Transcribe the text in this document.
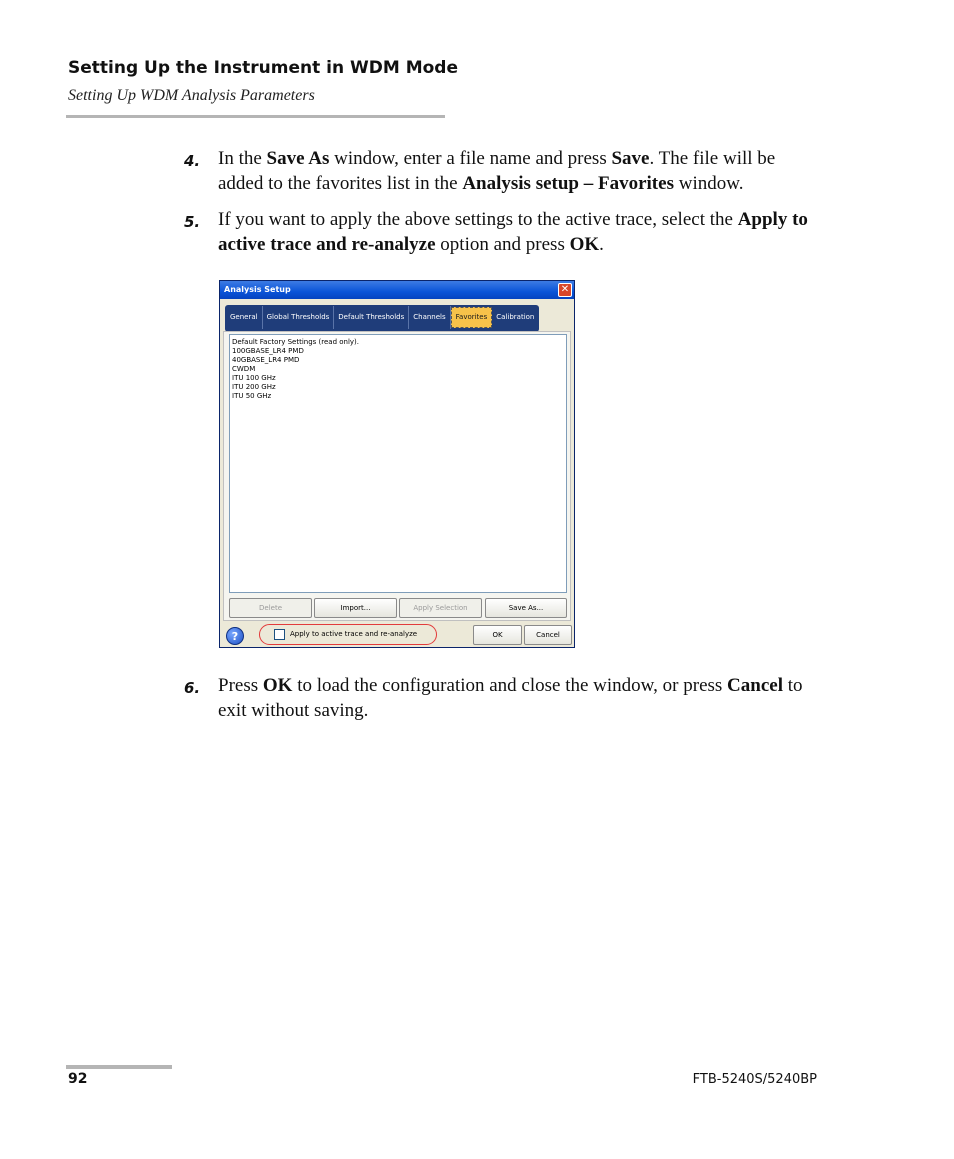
Setting Up the Instrument in WDM Mode
Setting Up WDM Analysis Parameters
4. In the Save As window, enter a file name and press Save. The file will be added to the favorites list in the Analysis setup – Favorites window.
5. If you want to apply the above settings to the active trace, select the Apply to active trace and re-analyze option and press OK.
Analysis Setup	✕
General	Global Thresholds	Default Thresholds	Channels	Favorites	Calibration
Default Factory Settings (read only).
100GBASE_LR4 PMD
40GBASE_LR4 PMD
CWDM
ITU 100 GHz
ITU 200 GHz
ITU 50 GHz
Delete	Import...	Apply Selection	Save As...
?	Apply to active trace and re-analyze	OK	Cancel
6. Press OK to load the configuration and close the window, or press Cancel to exit without saving.
92	FTB-5240S/5240BP
